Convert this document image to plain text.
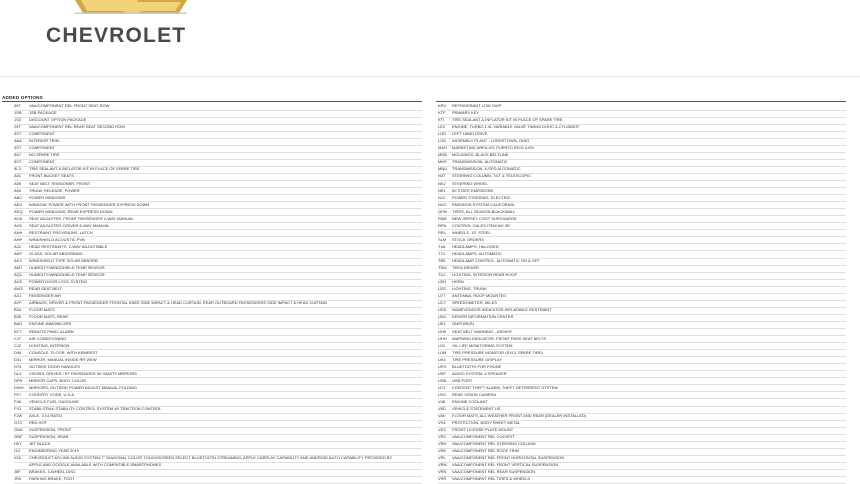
CHEVROLET
ADDED OPTIONS
05T	VAA/COMPONENT REL FRONT SEAT ROW
1SB	1SB PACKAGE
1SZ	DISCOUNT OPTION PACKAGE
25T	VAA/COMPONENT REL REAR SEAT SECOND ROW
3ST	COMPONENT
4AA	INTERIOR TRIM
4ST	COMPONENT
5A7	NO SPARE TIRE
5ST	COMPONENT
9L3	TIRE SEALANT & INFLATOR KIT IN PLACE OF SPARE TIRE
A51	FRONT BUCKET SEATS
A69	SEAT BELT TENSIONER, FRONT
A90	TRUNK RELEASE, POWER
ABC	POWER WINDOWS
AED	WINDOW, POWER WITH FRONT PASSENGER EXPRESS DOWN
AEQ	POWER WINDOWS, REAR EXPRESS DOWN
AG5	SEAT ADJUSTER, FRONT PASSENGER 2-WAY MANUAL
AH3	SEAT ADJUSTER, DRIVER 6-WAY MANUAL
AHH	RESTRAINT PROVISIONS, LATCH
AHP	WINDSHIELD ACOUSTIC PVB
AJC	HEAD RESTRAINTS, 2-WAY ADJUSTABLE
AKP	GLASS, SOLAR ABSORBING
AKX	WINDSHIELD TYPE SOLAR ABSORB
AM7	HUMIDITY/WINDSHIELD TEMP SENSOR
AQ1	HUMIDITY/WINDSHIELD TEMP SENSOR
AU3	POWER DOOR LOCK SYSTEM
AW3	REAR SEAT BELT
AXJ	PASSENGER AIR
AYF	AIRBAGS, DRIVER & FRONT PASSENGER FRONTAL KNEE SIDE IMPACT & HEAD CURTAIN, REAR OUTBOARD PASSENGERS SIDE IMPACT & HEAD CURTAIN
B34	FLOOR MATS
B35	FLOOR MATS, REAR
BAH	ENGINE IMMOBILIZER
BTT	REMOTE PANIC ALARM
CJ7	AIR CONDITIONING
CJ2	LIGHTING, INTERIOR
D46	CONSOLE, FLOOR, WITH ARMREST
D31	MIRROR, MANUAL INSIDE RR VIEW
D75	OUTSIDE DOOR HANDLES
DL4	VISORS, DRIVER / RT PASSENGER W/ VANITY MIRRORS
DPN	MIRROR CAPS, BODY COLOR
DWH	MIRRORS, OUTSIDE POWER ADJUST MANUAL FOLDING
FE7	COUNTRY CODE, U.S.A.
F48	VEHICLE FUEL GASOLINE
FX3	STABILITRAK STABILITY CONTROL SYSTEM W/ TRACTION CONTROL
FJW	AXLE, 3.14 RATIO
G7C	RED HOT
GNA	SUSPENSION, FRONT
GNF	SUSPENSION, REAR
H0Y	JET BLACK
I1G	ENGINEERING YEAR 2019
IOA	CHEVROLET MYLINK AUDIO SYSTEM 7" DIAGONAL COLOR TOUCHSCREEN SELECT BLUETOOTH STREAMING, APPLE CARPLAY CAPABILITY AND ANDROID AUTO CAPABILITY PROVIDED BY
APPLE AND GOOGLE AVAILABLE WITH COMPATIBLE SMARTPHONES
J6F	BRAKES, 4-WHEEL DISC
JPA	PARKING BRAKE, FOOT
KRV	REFRIGERANT LOW GWP
KTF	PRIMARY KEY
KTI	TIRE SEALANT & INFLATOR KIT IN PLACE OF SPARE TIRE
LE2	ENGINE, TURBO 1.4L VARIABLE VALVE TIMING DOHC 4-CYLINDER
LHD	LEFT HAND DRIVE
LOD	ASSEMBLY PLANT - LORDSTOWN, OHIO
MAH	MARKETING AREA US, PUERTO RICO /USV
MDB	MOLDINGS, BLACK BELTLINE
MMY	TRANSMISSION, AUTOMATIC
MNU	TRANSMISSION, 6-SPD AUTOMATIC
N37	STEERING COLUMN, TILT & TELESCOPIC
NK2	STEERING WHEEL
NE1	50 STATE EMISSIONS
NJ1	POWER STEERING, ELECTRIC
NUC	EMISSION SYSTEM CALIFORNIA
QFM	TIRES, ALL SEASON BLACKWALL
R6M	NEW JERSEY COST SURCHARGE
RPN	CONTROL GALES ITEM NO 3R
RRL	WHEELS, 15" STEEL
SLM	STOCK ORDERS
T4A	HEADLAMPS, HALOGEN
T74	HEADLAMPS, AUTOMATIC
TB5	HEADLAMP CONTROL, AUTOMATIC ON & OFF
TDM	TEEN DRIVER
TUJ	LIGHTING, INTERIOR REAR ROOF
U2H	HORN
U2S	LIGHTING, TRUNK
U77	ANTENNA, ROOF MOUNTED
UC7	SPEEDOMETER, MILES
UD5	NAMEVENDOR INDICATOR INFLATABLE RESTRAINT
UDC	DRIVER INFORMATION CENTER
UE1	ONSTAR(R)
UH5	SEAT BELT WARNING - DRIVER
UHH	WARNING INDICATOR, FRONT PASS SEAT BELTS
UJ1	OIL LIFE MONITORING SYSTEM
UJM	TIRE PRESSURE MONITOR (EXCL SPARE TIRE)
UK4	TIRE PRESSURE DISPLAY
UPG	BLUETOOTH FOR PHONE
USF	AUDIO SYSTEM, 6 SPEAKER
USB	USB PORT
UTJ	CONTENT THEFT ALARM, THEFT DETERRENT SYSTEM
UVC	REAR VISION CAMERA
V48	ENGINE COOLANT
V8D	VEHICLE STATEMENT US
VAV	FLOOR MATS, ALL WEATHER FRONT AND REAR (DEALER INSTALLED)
VH1	PROTECTION, BODY SHEET METAL
VK3	FRONT LICENSE PLATE MOUNT
VRC	VAA/COMPONENT REL COCKPIT
VRH	VAA/COMPONENT REL STEERING COLUMN
VRK	VAA/COMPONENT REL ROOF TRIM
VRL	VAA/COMPONENT REL FRONT HORIZONTAL SUSPENSION
VRM	VAA/COMPONENT REL FRONT VERTICAL SUSPENSION
VRN	VAA/COMPONENT REL REAR SUSPENSION
VRR	VAA/COMPONENT REL TIRES & WHEELS
